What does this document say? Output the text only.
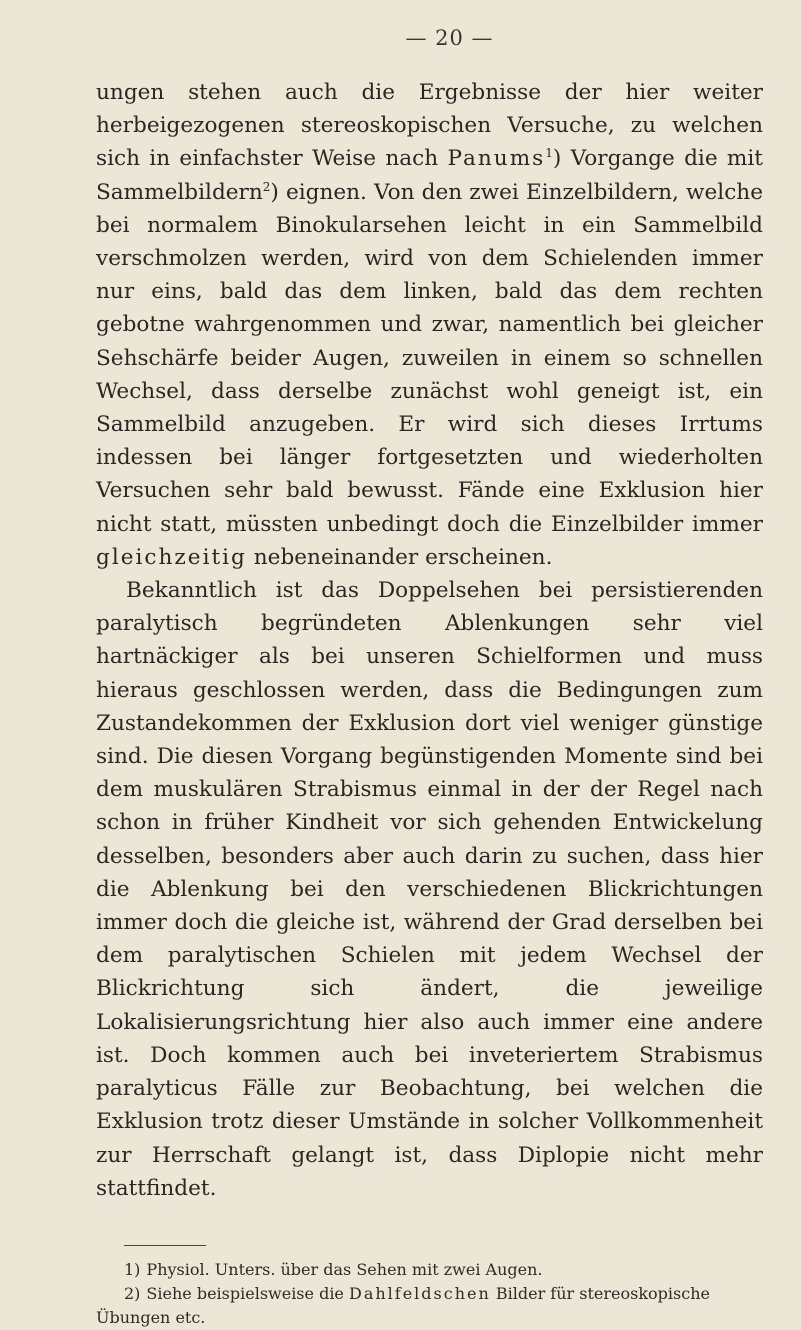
— 20 —

ungen stehen auch die Ergebnisse der hier weiter herbeigezogenen stereoskopischen Versuche, zu welchen sich in einfachster Weise nach Panums$^1$) Vorgange die mit Sammelbildern$^2$) eignen. Von den zwei Einzelbildern, welche bei normalem Binokularsehen leicht in ein Sammelbild verschmolzen werden, wird von dem Schielenden immer nur eins, bald das dem linken, bald das dem rechten gebotne wahrgenommen und zwar, namentlich bei gleicher Sehschärfe beider Augen, zuweilen in einem so schnellen Wechsel, dass derselbe zunächst wohl geneigt ist, ein Sammelbild anzugeben. Er wird sich dieses Irrtums indessen bei länger fortgesetzten und wiederholten Versuchen sehr bald bewusst. Fände eine Exklusion hier nicht statt, müssten unbedingt doch die Einzelbilder immer gleichzeitig nebeneinander erscheinen.

Bekanntlich ist das Doppelsehen bei persistierenden paralytisch begründeten Ablenkungen sehr viel hartnäckiger als bei unseren Schielformen und muss hieraus geschlossen werden, dass die Bedingungen zum Zustandekommen der Exklusion dort viel weniger günstige sind. Die diesen Vorgang begünstigenden Momente sind bei dem muskulären Strabismus einmal in der der Regel nach schon in früher Kindheit vor sich gehenden Entwickelung desselben, besonders aber auch darin zu suchen, dass hier die Ablenkung bei den verschiedenen Blickrichtungen immer doch die gleiche ist, während der Grad derselben bei dem paralytischen Schielen mit jedem Wechsel der Blickrichtung sich ändert, die jeweilige Lokalisierungsrichtung hier also auch immer eine andere ist. Doch kommen auch bei inveteriertem Strabismus paralyticus Fälle zur Beobachtung, bei welchen die Exklusion trotz dieser Umstände in solcher Vollkommenheit zur Herrschaft gelangt ist, dass Diplopie nicht mehr stattfindet.

1) Physiol. Unters. über das Sehen mit zwei Augen.

2) Siehe beispielsweise die Dahlfeldschen Bilder für stereoskopische Übungen etc.
